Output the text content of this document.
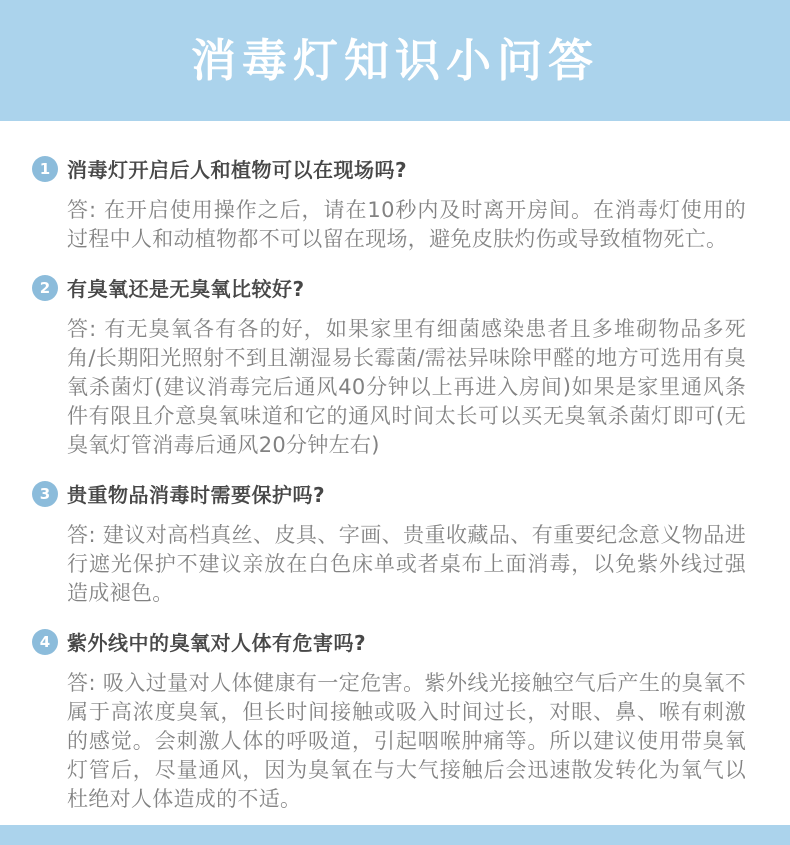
消毒灯知识小问答
1 消毒灯开启后人和植物可以在现场吗?
答: 在开启使用操作之后，请在10秒内及时离开房间。在消毒灯使用的过程中人和动植物都不可以留在现场，避免皮肤灼伤或导致植物死亡。
2 有臭氧还是无臭氧比较好?
答: 有无臭氧各有各的好，如果家里有细菌感染患者且多堆砌物品多死角/长期阳光照射不到且潮湿易长霉菌/需祛异味除甲醛的地方可选用有臭氧杀菌灯(建议消毒完后通风40分钟以上再进入房间)如果是家里通风条件有限且介意臭氧味道和它的通风时间太长可以买无臭氧杀菌灯即可(无臭氧灯管消毒后通风20分钟左右)
3 贵重物品消毒时需要保护吗?
答: 建议对高档真丝、皮具、字画、贵重收藏品、有重要纪念意义物品进行遮光保护不建议亲放在白色床单或者桌布上面消毒，以免紫外线过强造成褪色。
4 紫外线中的臭氧对人体有危害吗?
答: 吸入过量对人体健康有一定危害。紫外线光接触空气后产生的臭氧不属于高浓度臭氧，但长时间接触或吸入时间过长，对眼、鼻、喉有刺激的感觉。会刺激人体的呼吸道，引起咽喉肿痛等。所以建议使用带臭氧灯管后，尽量通风，因为臭氧在与大气接触后会迅速散发转化为氧气以杜绝对人体造成的不适。
